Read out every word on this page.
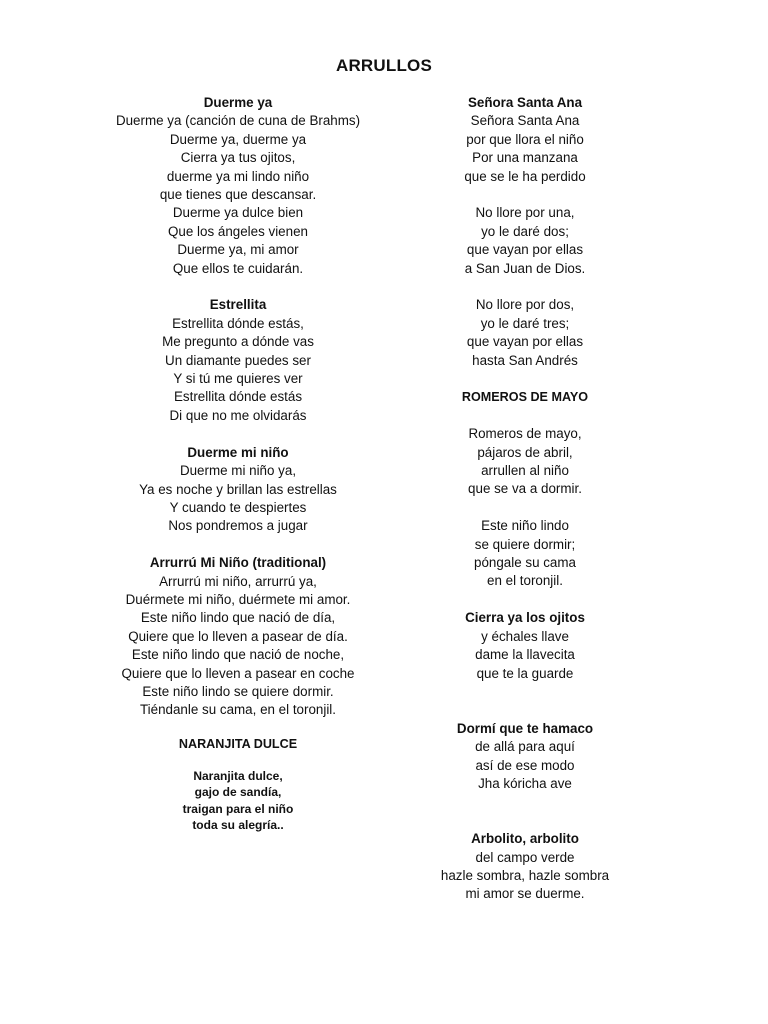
ARRULLOS
Duerme ya
Duerme ya (canción de cuna de Brahms)
Duerme ya, duerme ya
Cierra ya tus ojitos,
duerme ya mi lindo niño
que tienes que descansar.
Duerme ya dulce bien
Que los ángeles vienen
Duerme ya, mi amor
Que ellos te cuidarán.
Estrellita
Estrellita dónde estás,
Me pregunto a dónde vas
Un diamante puedes ser
Y si tú me quieres ver
Estrellita dónde estás
Di que no me olvidarás
Duerme mi niño
Duerme mi niño ya,
Ya es noche y brillan las estrellas
Y cuando te despiertes
Nos pondremos a jugar
Arrurrú Mi Niño (traditional)
Arrurrú mi niño, arrurrú ya,
Duérmete mi niño, duérmete mi amor.
Este niño lindo que nació de día,
Quiere que lo lleven a pasear de día.
Este niño lindo que nació de noche,
Quiere que lo lleven a pasear en coche
Este niño lindo se quiere dormir.
Tiéndanle su cama, en el toronjil.
NARANJITA DULCE
Naranjita dulce,
gajo de sandía,
traigan para el niño
toda su alegría..
Señora Santa Ana
Señora Santa Ana
por que llora el niño
Por una manzana
que se le ha perdido
No llore por una,
yo le daré dos;
que vayan por ellas
a San Juan de Dios.
No llore por dos,
yo le daré tres;
que vayan por ellas
hasta San Andrés
ROMEROS DE MAYO
Romeros de mayo,
pájaros de abril,
arrullen al niño
que se va a dormir.
Este niño lindo
se quiere dormir;
póngale su cama
en el toronjil.
Cierra ya los ojitos
y échales llave
dame la llavecita
que te la guarde
Dormí que te hamaco
de allá para aquí
así de ese modo
Jha kóricha ave
Arbolito, arbolito
del campo verde
hazle sombra, hazle sombra
mi amor se duerme.
